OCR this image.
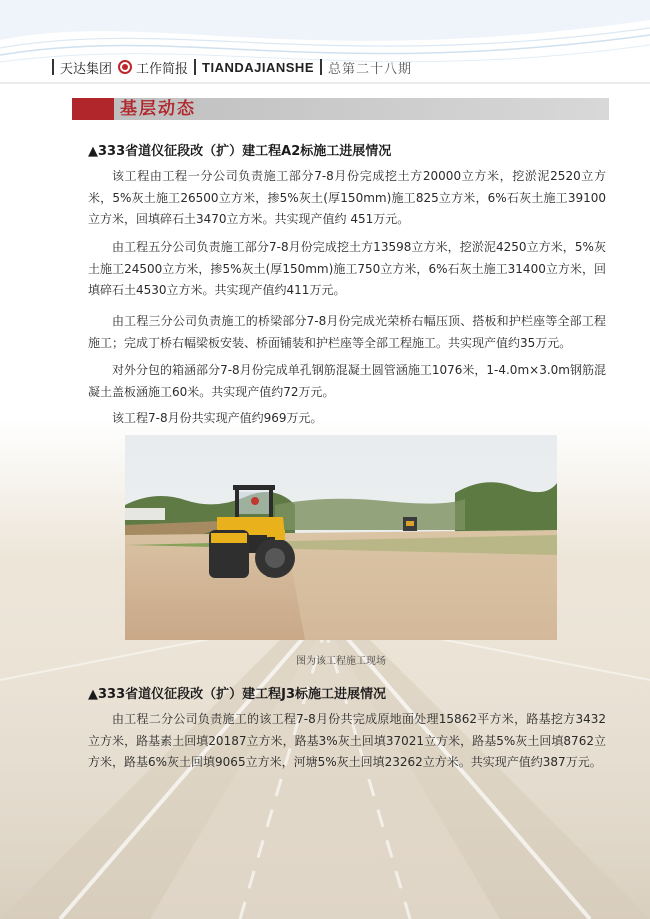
天达集团 工作简报 TIANDAJIANSHE 总第二十八期
基层动态
▲333省道仪征段改（扩）建工程A2标施工进展情况

该工程由工程一分公司负责施工部分7-8月份完成挖土方20000立方米，挖淤泥2520立方米，5%灰土施工26500立方米，掺5%灰土(厚150mm)施工825立方米，6%石灰土施工39100立方米，回填碎石土3470立方米。共实现产值约 451万元。

由工程五分公司负责施工部分7-8月份完成挖土方13598立方米，挖淤泥4250立方米，5%灰土施工24500立方米，掺5%灰土(厚150mm)施工750立方米，6%石灰土施工31400立方米，回填碎石土4530立方米。共实现产值约411万元。

由工程三分公司负责施工的桥梁部分7-8月份完成光荣桥右幅压顶、搭板和护栏座等全部工程施工；完成丁桥右幅梁板安装、桥面铺装和护栏座等全部工程施工。共实现产值约35万元。

对外分包的箱涵部分7-8月份完成单孔钢筋混凝土圆管涵施工1076米，1-4.0m×3.0m钢筋混凝土盖板涵施工60米。共实现产值约72万元。

该工程7-8月份共实现产值约969万元。

图为该工程施工现场
▲333省道仪征段改（扩）建工程J3标施工进展情况

由工程二分公司负责施工的该工程7-8月份共完成原地面处理15862平方米，路基挖方3432立方米，路基素土回填20187立方米，路基3%灰土回填37021立方米，路基5%灰土回填8762立方米，路基6%灰土回填9065立方米，河塘5%灰土回填23262立方米。共实现产值约387万元。
